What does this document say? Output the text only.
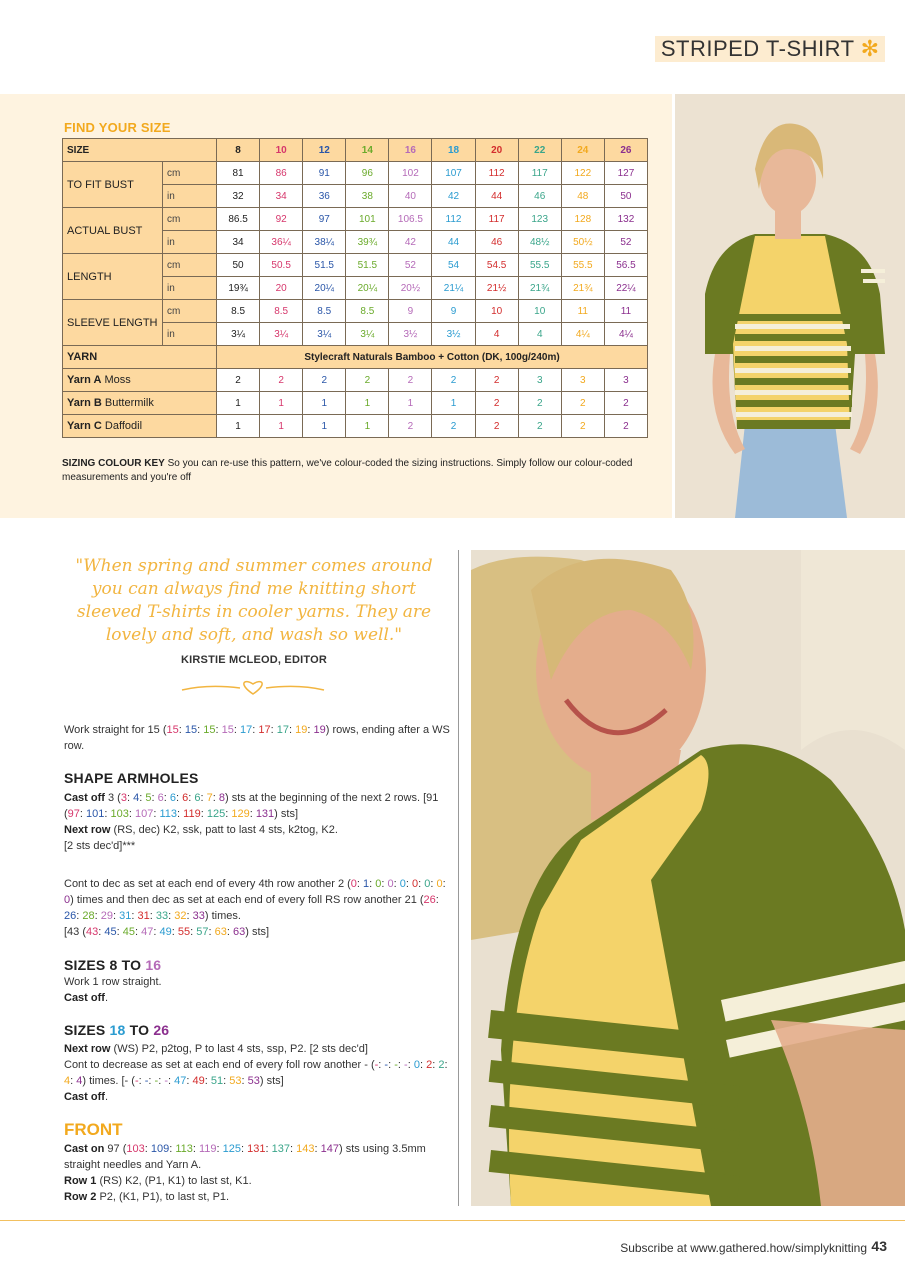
STRIPED T-SHIRT ✻
FIND YOUR SIZE
SIZE		8	10	12	14	16	18	20	22	24	26
TO FIT BUST	cm	81	86	91	96	102	107	112	117	122	127
	in	32	34	36	38	40	42	44	46	48	50
ACTUAL BUST	cm	86.5	92	97	101	106.5	112	117	123	128	132
	in	34	36¼	38¼	39¾	42	44	46	48½	50½	52
LENGTH	cm	50	50.5	51.5	51.5	52	54	54.5	55.5	55.5	56.5
	in	19¾	20	20¼	20¼	20½	21¼	21½	21¾	21¾	22¼
SLEEVE LENGTH	cm	8.5	8.5	8.5	8.5	9	9	10	10	11	11
	in	3¼	3¼	3¼	3¼	3½	3½	4	4	4¼	4¼
YARN		Stylecraft Naturals Bamboo + Cotton (DK, 100g/240m)									
Yarn A Moss		2	2	2	2	2	2	2	3	3	3
Yarn B Buttermilk		1	1	1	1	1	1	2	2	2	2
Yarn C Daffodil		1	1	1	1	2	2	2	2	2	2
SIZING COLOUR KEY So you can re-use this pattern, we've colour-coded the sizing instructions. Simply follow our colour-coded measurements and you're off
"When spring and summer comes around you can always find me knitting short sleeved T-shirts in cooler yarns. They are lovely and soft, and wash so well."
KIRSTIE MCLEOD, EDITOR
Work straight for 15 (15: 15: 15: 15: 17: 17: 17: 19: 19) rows, ending after a WS row.
SHAPE ARMHOLES
Cast off 3 (3: 4: 5: 6: 6: 6: 6: 7: 8) sts at the beginning of the next 2 rows. [91 (97: 101: 103: 107: 113: 119: 125: 129: 131) sts]
Next row (RS, dec) K2, ssk, patt to last 4 sts, k2tog, K2.
[2 sts dec'd]***
Cont to dec as set at each end of every 4th row another 2 (0: 1: 0: 0: 0: 0: 0: 0: 0) times and then dec as set at each end of every foll RS row another 21 (26: 26: 28: 29: 31: 31: 33: 32: 33) times.
[43 (43: 45: 45: 47: 49: 55: 57: 63: 63) sts]
SIZES 8 TO 16
Work 1 row straight.
Cast off.
SIZES 18 TO 26
Next row (WS) P2, p2tog, P to last 4 sts, ssp, P2. [2 sts dec'd]
Cont to decrease as set at each end of every foll row another - (-: -: -: -: 0: 2: 2: 4: 4) times. [- (-: -: -: -: 47: 49: 51: 53: 53) sts]
Cast off.
FRONT
Cast on 97 (103: 109: 113: 119: 125: 131: 137: 143: 147) sts using 3.5mm straight needles and Yarn A.
Row 1 (RS) K2, (P1, K1) to last st, K1.
Row 2 P2, (K1, P1), to last st, P1.
Subscribe at www.gathered.how/simplyknitting 43
